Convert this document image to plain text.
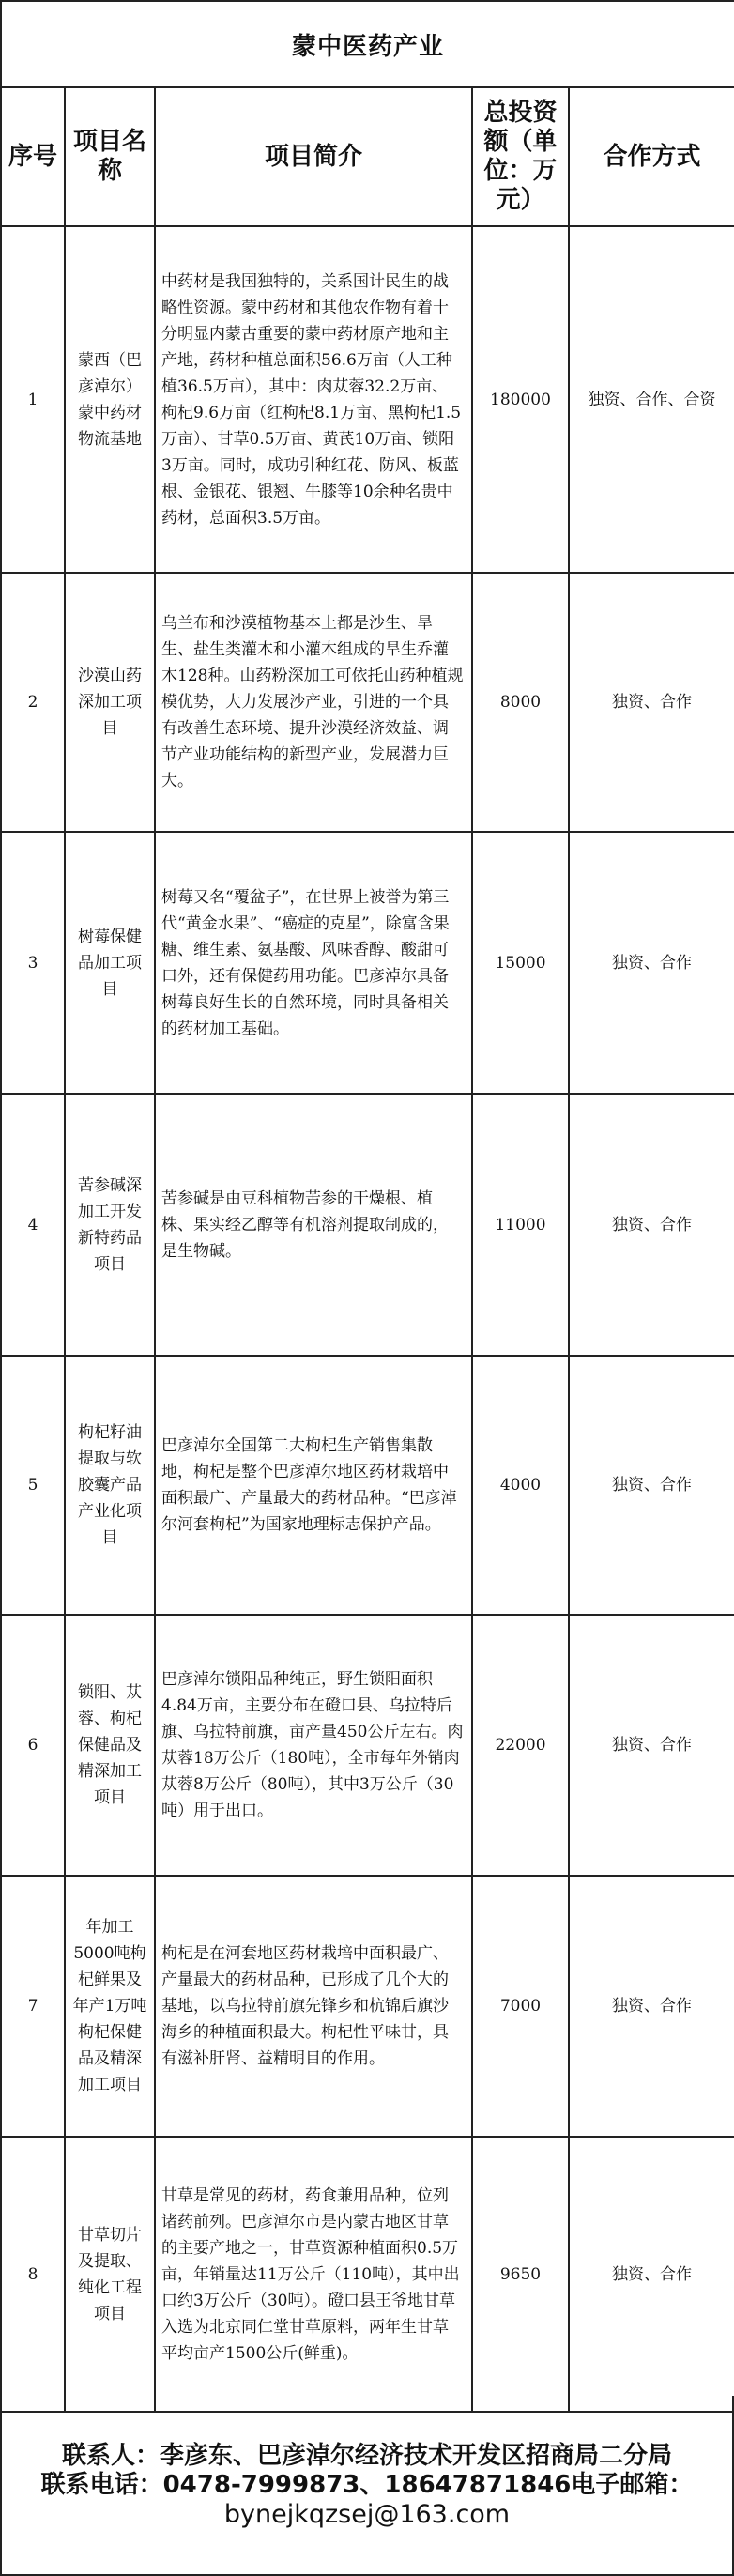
蒙中医药产业				
序号	项目名称	项目简介	总投资额（单位：万元）	合作方式
1	蒙西（巴彦淖尔）蒙中药材物流基地	中药材是我国独特的，关系国计民生的战略性资源。蒙中药材和其他农作物有着十分明显内蒙古重要的蒙中药材原产地和主产地，药材种植总面积56.6万亩（人工种植36.5万亩），其中：肉苁蓉32.2万亩、枸杞9.6万亩（红枸杞8.1万亩、黑枸杞1.5万亩）、甘草0.5万亩、黄芪10万亩、锁阳3万亩。同时，成功引种红花、防风、板蓝根、金银花、银翘、牛膝等10余种名贵中药材，总面积3.5万亩。	180000	独资、合作、合资
2	沙漠山药深加工项目	乌兰布和沙漠植物基本上都是沙生、旱生、盐生类灌木和小灌木组成的旱生乔灌木128种。山药粉深加工可依托山药种植规模优势，大力发展沙产业，引进的一个具有改善生态环境、提升沙漠经济效益、调节产业功能结构的新型产业，发展潜力巨大。	8000	独资、合作
3	树莓保健品加工项目	树莓又名“覆盆子”，在世界上被誉为第三代“黄金水果”、“癌症的克星”，除富含果糖、维生素、氨基酸、风味香醇、酸甜可口外，还有保健药用功能。巴彦淖尔具备树莓良好生长的自然环境，同时具备相关的药材加工基础。	15000	独资、合作
4	苦参碱深加工开发新特药品项目	苦参碱是由豆科植物苦参的干燥根、植株、果实经乙醇等有机溶剂提取制成的，是生物碱。	11000	独资、合作
5	枸杞籽油提取与软胶囊产品产业化项目	巴彦淖尔全国第二大枸杞生产销售集散地，枸杞是整个巴彦淖尔地区药材栽培中面积最广、产量最大的药材品种。“巴彦淖尔河套枸杞”为国家地理标志保护产品。	4000	独资、合作
6	锁阳、苁蓉、枸杞保健品及精深加工项目	巴彦淖尔锁阳品种纯正，野生锁阳面积4.84万亩，主要分布在磴口县、乌拉特后旗、乌拉特前旗，亩产量450公斤左右。肉苁蓉18万公斤（180吨），全市每年外销肉苁蓉8万公斤（80吨），其中3万公斤（30吨）用于出口。	22000	独资、合作
7	年加工5000吨枸杞鲜果及年产1万吨枸杞保健品及精深加工项目	枸杞是在河套地区药材栽培中面积最广、产量最大的药材品种，已形成了几个大的基地，以乌拉特前旗先锋乡和杭锦后旗沙海乡的种植面积最大。枸杞性平味甘，具有滋补肝肾、益精明目的作用。	7000	独资、合作
8	甘草切片及提取、纯化工程项目	甘草是常见的药材，药食兼用品种，位列诸药前列。巴彦淖尔市是内蒙古地区甘草的主要产地之一，甘草资源种植面积0.5万亩，年销量达11万公斤（110吨），其中出口约3万公斤（30吨）。磴口县王爷地甘草入选为北京同仁堂甘草原料，两年生甘草平均亩产1500公斤(鲜重)。	9650	独资、合作
联系人：李彦东、巴彦淖尔经济技术开发区招商局二分局
联系电话：0478-7999873、18647871846电子邮箱：
bynejkqzsej@163.com
